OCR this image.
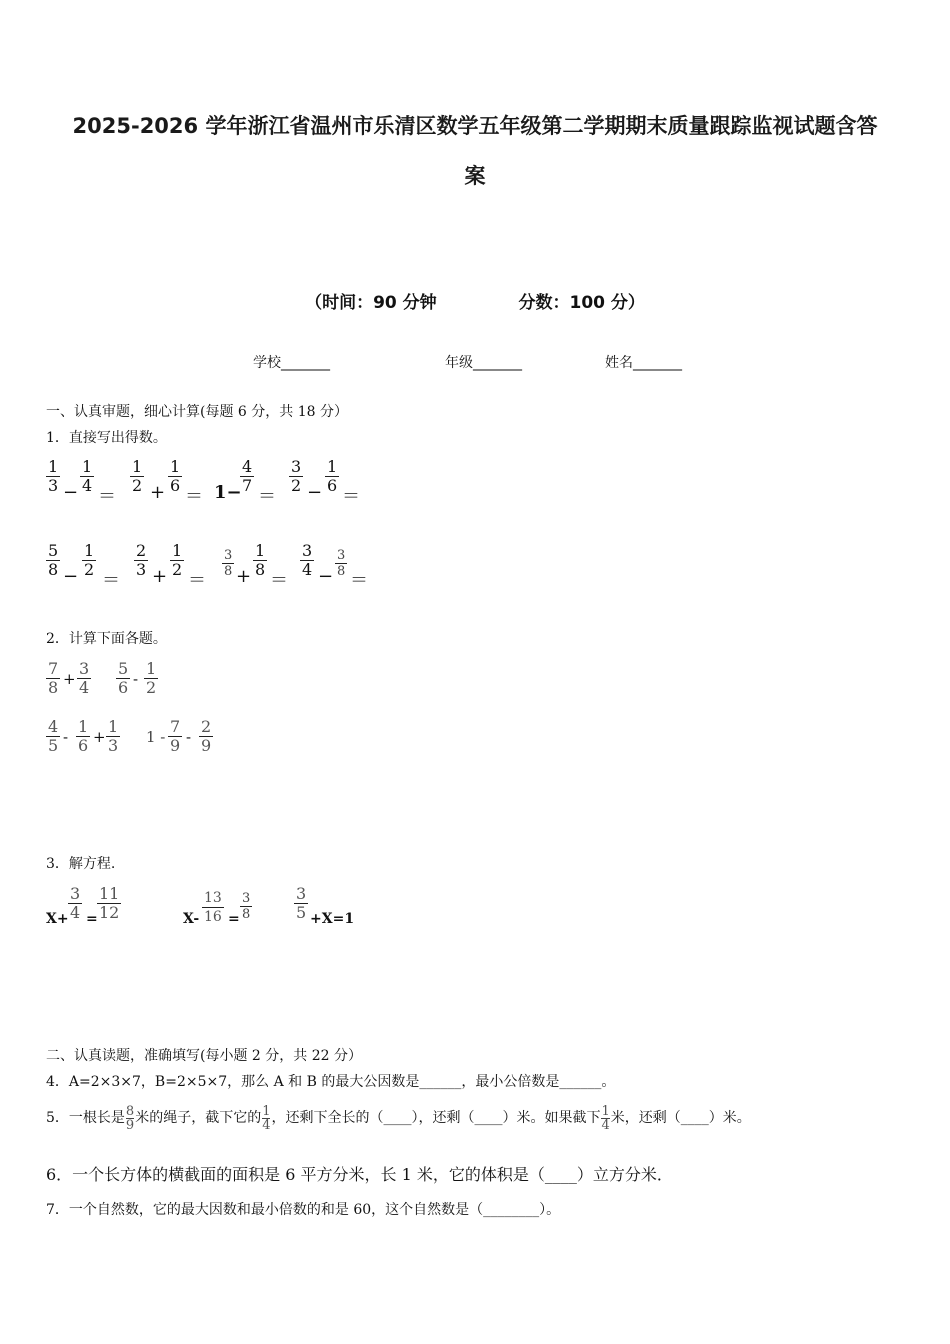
2025-2026 学年浙江省温州市乐清区数学五年级第二学期期末质量跟踪监视试题含答
案
（时间：90 分钟	分数：100 分）
学校_______	年级_______	姓名_______
一、认真审题，细心计算(每题 6 分，共 18 分）
1．直接写出得数。
$\frac{1}{3} - \frac{1}{4}$
＝
$\frac{1}{2} + \frac{1}{6}$
＝ 1−
$\frac{4}{7}$
＝
$\frac{3}{2} - \frac{1}{6}$
＝
$\frac{5}{8} - \frac{1}{2}$
＝
$\frac{2}{3} + \frac{1}{2}$
＝
$\frac{3}{8} + \frac{1}{8}$
＝
$\frac{3}{4} - \frac{3}{8}$
＝
2．计算下面各题。
$\frac{7}{8} + \frac{3}{4} \frac{5}{6} - \frac{1}{2}$
$\frac{4}{5} - \frac{1}{6} + \frac{1}{3} 1 - \frac{7}{9} - \frac{2}{9}$
3．解方程.
$X+ \frac{3}{4} = \frac{11}{12}$	$X- \frac{13}{16} = \frac{3}{8}$	$\frac{3}{5} +X=1$
二、认真读题，准确填写(每小题 2 分，共 22 分）
4．A=2×3×7，B=2×5×7，那么 A 和 B 的最大公因数是______，最小公倍数是______。
5．一根长是 $\frac{8}{9}$ 米的绳子，截下它的 $\frac{1}{4}$ ，还剩下全长的（____），还剩（____）米。如果截下 $\frac{1}{4}$ 米，还剩（____）米。
6．一个长方体的横截面的面积是 6 平方分米，长 1 米，它的体积是（____）立方分米．
7．一个自然数，它的最大因数和最小倍数的和是 60，这个自然数是（________）。
